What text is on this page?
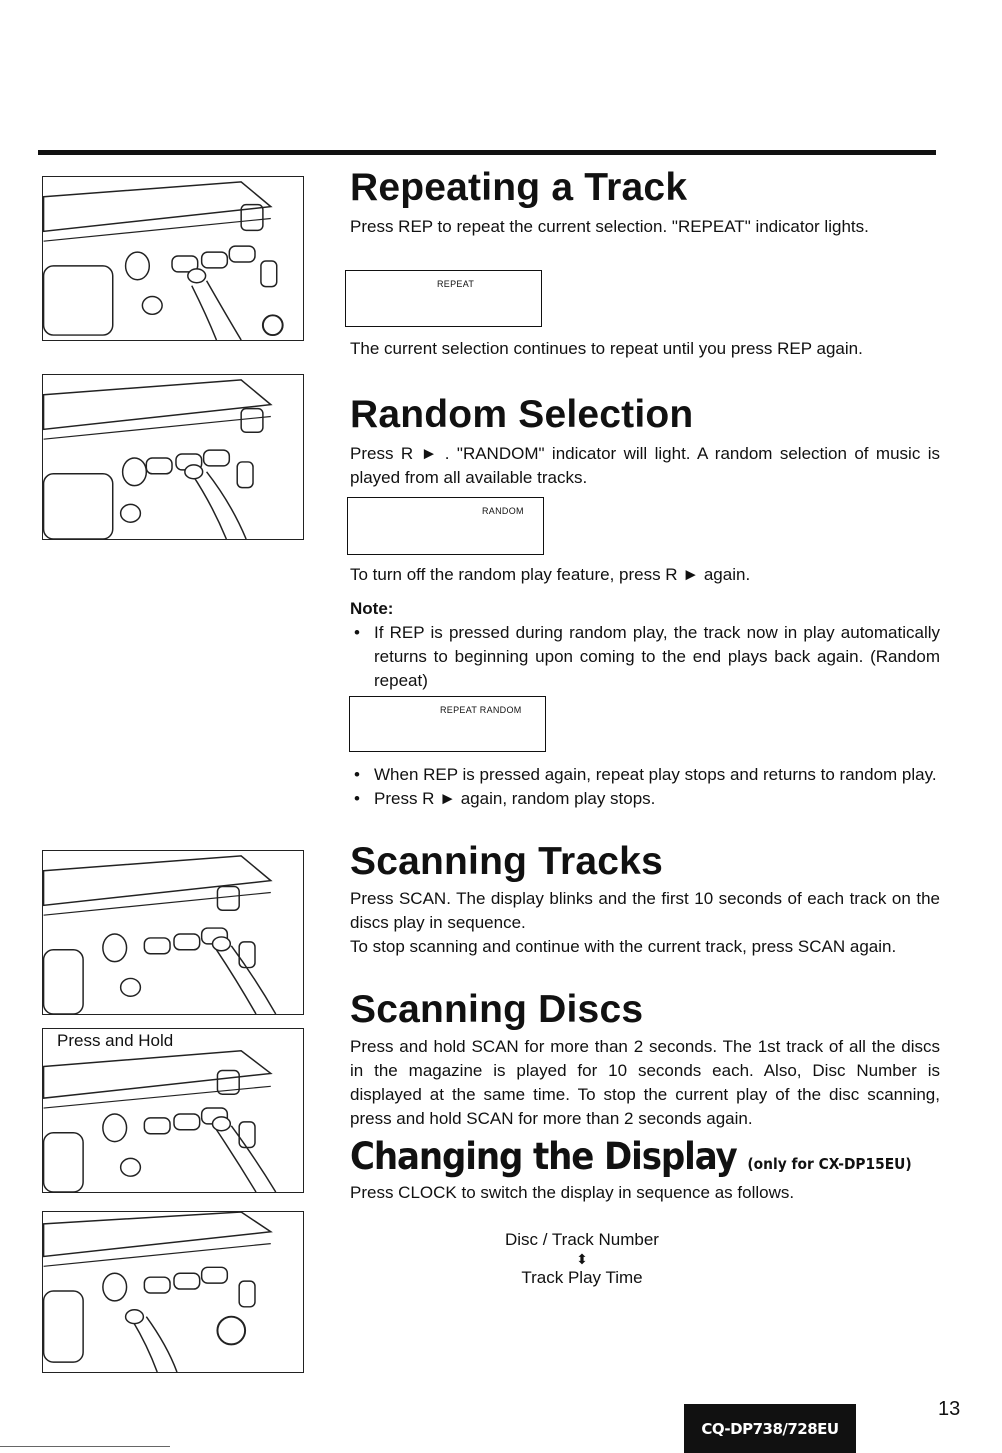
Press and Hold
Repeating a Track

Press REP to repeat the current selection. "REPEAT" indicator lights.

REPEAT

The current selection continues to repeat until you press REP again.

Random Selection

Press R ► . "RANDOM" indicator will light. A random selection of music is played from all available tracks.

RANDOM

To turn off the random play feature, press R ► again.

Note:

• If REP is pressed during random play, the track now in play automatically returns to beginning upon coming to the end plays back again. (Random repeat)
REPEAT RANDOM
• When REP is pressed again, repeat play stops and returns to random play.
• Press R ► again, random play stops.
Scanning Tracks

Press SCAN. The display blinks and the first 10 seconds of each track on the discs play in sequence.

To stop scanning and continue with the current track, press SCAN again.

Scanning Discs

Press and hold SCAN for more than 2 seconds. The 1st track of all the discs in the magazine is played for 10 seconds each. Also, Disc Number is displayed at the same time. To stop the current play of the disc scanning, press and hold SCAN for more than 2 seconds again.

Changing the Display (only for CX-DP15EU)

Press CLOCK to switch the display in sequence as follows.

Disc / Track Number
⬍
Track Play Time
CQ-DP738/728EU
13
